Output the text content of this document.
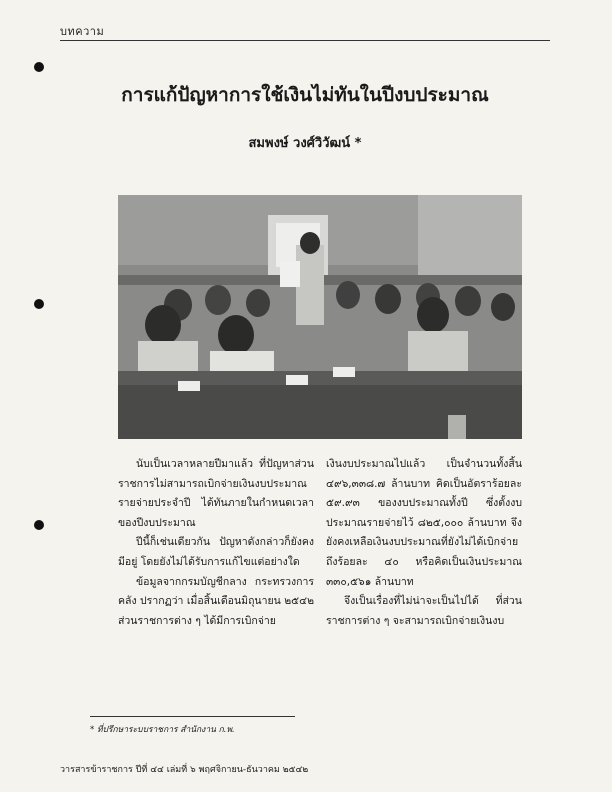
บทความ
การแก้ปัญหาการใช้เงินไม่ทันในปีงบประมาณ
สมพงษ์ วงศ์วิวัฒน์ *

นับเป็นเวลาหลายปีมาแล้ว ที่ปัญหาส่วนราชการไม่สามารถเบิกจ่ายเงินงบประมาณรายจ่ายประจำปี ได้ทันภายในกำหนดเวลาของปีงบประมาณ

ปีนี้ก็เช่นเดียวกัน ปัญหาดังกล่าวก็ยังคงมีอยู่ โดยยังไม่ได้รับการแก้ไขแต่อย่างใด

ข้อมูลจากกรมบัญชีกลาง กระทรวงการคลัง ปรากฏว่า เมื่อสิ้นเดือนมิถุนายน ๒๕๔๒ ส่วนราชการต่าง ๆ ได้มีการเบิกจ่าย

เงินงบประมาณไปแล้ว เป็นจำนวนทั้งสิ้น ๔๙๖,๓๓๘.๗ ล้านบาท คิดเป็นอัตราร้อยละ ๕๙.๙๓ ของงบประมาณทั้งปี ซึ่งตั้งงบประมาณรายจ่ายไว้ ๘๒๕,๐๐๐ ล้านบาท จึงยังคงเหลือเงินงบประมาณที่ยังไม่ได้เบิกจ่ายถึงร้อยละ ๔๐ หรือคิดเป็นเงินประมาณ ๓๓๐,๕๖๑ ล้านบาท

จึงเป็นเรื่องที่ไม่น่าจะเป็นไปได้ ที่ส่วนราชการต่าง ๆ จะสามารถเบิกจ่ายเงินงบ

* ที่ปรึกษาระบบราชการ สำนักงาน ก.พ.
วารสารข้าราชการ ปีที่ ๔๔ เล่มที่ ๖ พฤศจิกายน-ธันวาคม ๒๕๔๒
